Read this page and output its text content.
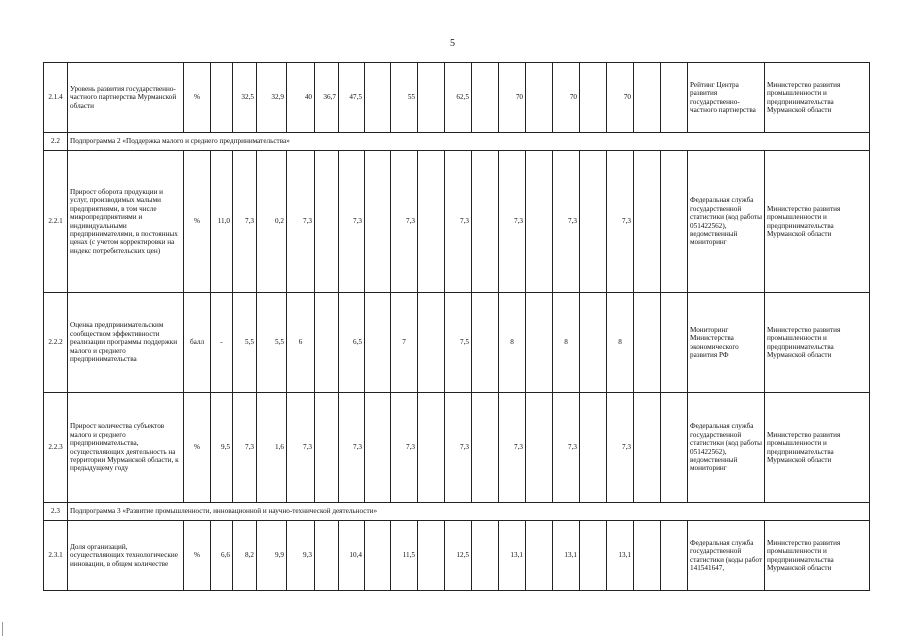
5
2.1.4	Уровень развития государственно-частного партнерства Мурманской области	%		32,5	32,9	40	36,7	47,5		55		62,5		70		70		70			Рейтинг Центра развития государственно-частного партнерства	Министерство развития промышленности и предпринимательства Мурманской области
2.2	Подпрограмма 2 «Поддержка малого и среднего предпринимательства»																					
2.2.1	Прирост оборота продукции и услуг, производимых малыми предприятиями, в том числе микропредприятиями и индивидуальными предпринимателями, в постоянных ценах (с учетом корректировки на индекс потребительских цен)	%	11,0	7,3	0,2	7,3		7,3		7,3		7,3		7,3		7,3		7,3			Федеральная служба государственной статистики (код работы 051422562), ведомственный мониторинг	Министерство развития промышленности и предпринимательства Мурманской области
2.2.2	Оценка предпринимательским сообществом эффективности реализации программы поддержки малого и среднего предпринимательства	балл	-	5,5	5,5	6		6,5		7		7,5		8		8		8			Мониторинг Министерства экономического развития РФ	Министерство развития промышленности и предпринимательства Мурманской области
2.2.3	Прирост количества субъектов малого и среднего предпринимательства, осуществляющих деятельность на территории Мурманской области, к предыдущему году	%	9,5	7,3	1,6	7,3		7,3		7,3		7,3		7,3		7,3		7,3			Федеральная служба государственной статистики (код работы 051422562), ведомственный мониторинг	Министерство развития промышленности и предпринимательства Мурманской области
2.3	Подпрограмма 3 «Развитие промышленности, инновационной и научно-технической деятельности»																					
2.3.1	Доля организаций, осуществляющих технологические инновации, в общем количестве	%	6,6	8,2	9,9	9,3		10,4		11,5		12,5		13,1		13,1		13,1			Федеральная служба государственной статистики (коды работ 141541647,	Министерство развития промышленности и предпринимательства Мурманской области
